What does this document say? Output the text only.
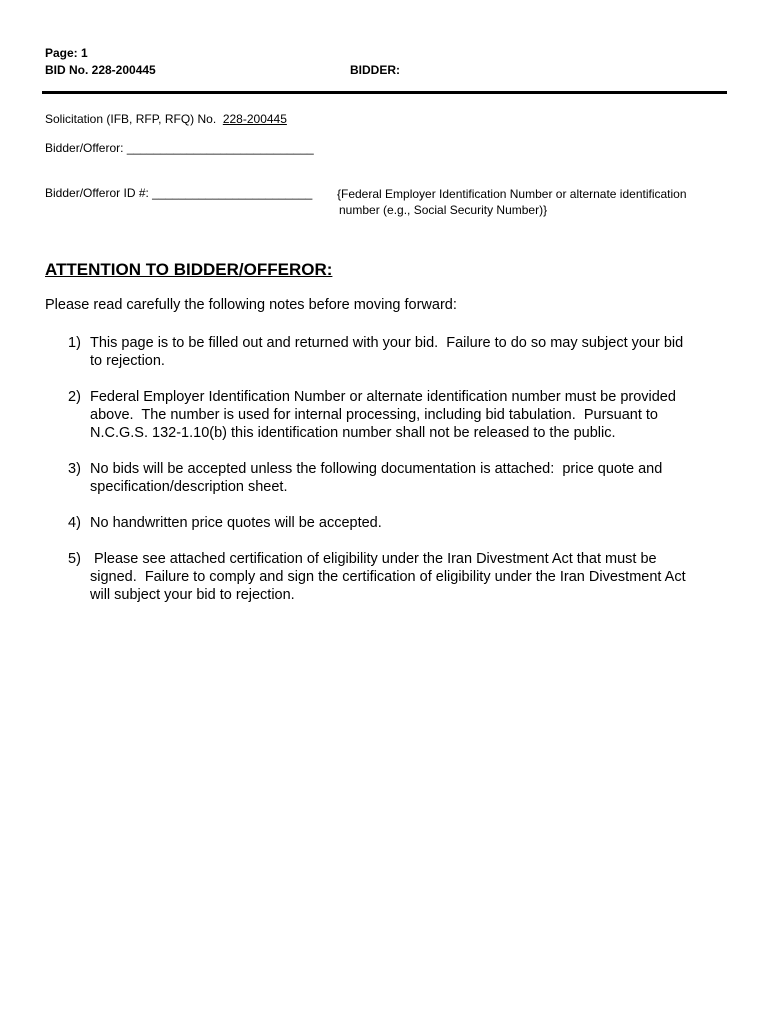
Page: 1
BID No. 228-200445	BIDDER:
Solicitation (IFB, RFP, RFQ) No. 228-200445
Bidder/Offeror: ____________________________
Bidder/Offeror ID #: ________________________ {Federal Employer Identification Number or alternate identification
number (e.g., Social Security Number)}
ATTENTION TO BIDDER/OFFEROR:
Please read carefully the following notes before moving forward:
1) This page is to be filled out and returned with your bid.  Failure to do so may subject your bid
to rejection.
2) Federal Employer Identification Number or alternate identification number must be provided
above.  The number is used for internal processing, including bid tabulation.  Pursuant to
N.C.G.S. 132-1.10(b) this identification number shall not be released to the public.
3) No bids will be accepted unless the following documentation is attached:  price quote and
specification/description sheet.
4) No handwritten price quotes will be accepted.
5) Please see attached certification of eligibility under the Iran Divestment Act that must be
signed.  Failure to comply and sign the certification of eligibility under the Iran Divestment Act
will subject your bid to rejection.
